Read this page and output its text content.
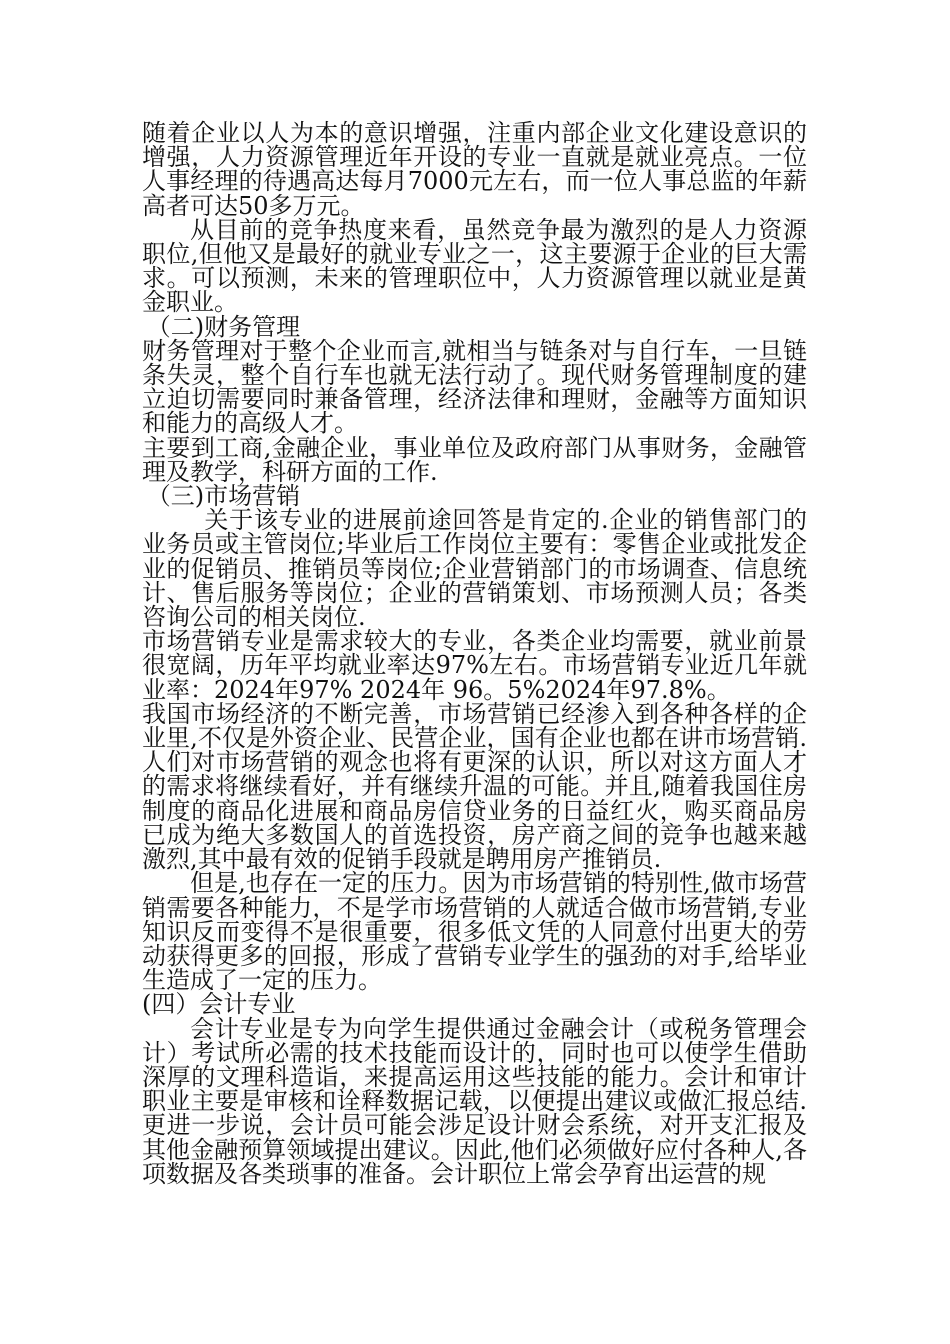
随着企业以人为本的意识增强，注重内部企业文化建设意识的增强，人力资源管理近年开设的专业一直就是就业亮点。一位人事经理的待遇高达每月7000元左右，而一位人事总监的年薪高者可达50多万元。

从目前的竞争热度来看，虽然竞争最为激烈的是人力资源职位,但他又是最好的就业专业之一，这主要源于企业的巨大需求。可以预测，未来的管理职位中，人力资源管理以就业是黄金职业。

（二)财务管理

财务管理对于整个企业而言,就相当与链条对与自行车，一旦链条失灵，整个自行车也就无法行动了。现代财务管理制度的建立迫切需要同时兼备管理，经济法律和理财，金融等方面知识和能力的高级人才。

主要到工商,金融企业，事业单位及政府部门从事财务，金融管理及教学，科研方面的工作.

（三)市场营销

关于该专业的进展前途回答是肯定的.企业的销售部门的业务员或主管岗位;毕业后工作岗位主要有：零售企业或批发企业的促销员、推销员等岗位;企业营销部门的市场调查、信息统计、售后服务等岗位；企业的营销策划、市场预测人员；各类咨询公司的相关岗位.

市场营销专业是需求较大的专业，各类企业均需要，就业前景很宽阔，历年平均就业率达97%左右。市场营销专业近几年就业率：2024年97% 2024年 96。5%2024年97.8%。

我国市场经济的不断完善，市场营销已经渗入到各种各样的企业里,不仅是外资企业、民营企业，国有企业也都在讲市场营销.人们对市场营销的观念也将有更深的认识，所以对这方面人才的需求将继续看好，并有继续升温的可能。并且,随着我国住房制度的商品化进展和商品房信贷业务的日益红火，购买商品房已成为绝大多数国人的首选投资，房产商之间的竞争也越来越激烈,其中最有效的促销手段就是聘用房产推销员.

但是,也存在一定的压力。因为市场营销的特别性,做市场营销需要各种能力，不是学市场营销的人就适合做市场营销,专业知识反而变得不是很重要，很多低文凭的人同意付出更大的劳动获得更多的回报，形成了营销专业学生的强劲的对手,给毕业生造成了一定的压力。

(四）会计专业

会计专业是专为向学生提供通过金融会计（或税务管理会计）考试所必需的技术技能而设计的，同时也可以使学生借助深厚的文理科造诣，来提高运用这些技能的能力。会计和审计职业主要是审核和诠释数据记载，以便提出建议或做汇报总结.更进一步说，会计员可能会涉足设计财会系统，对开支汇报及其他金融预算领域提出建议。因此,他们必须做好应付各种人,各项数据及各类琐事的准备。会计职位上常会孕育出运营的规
